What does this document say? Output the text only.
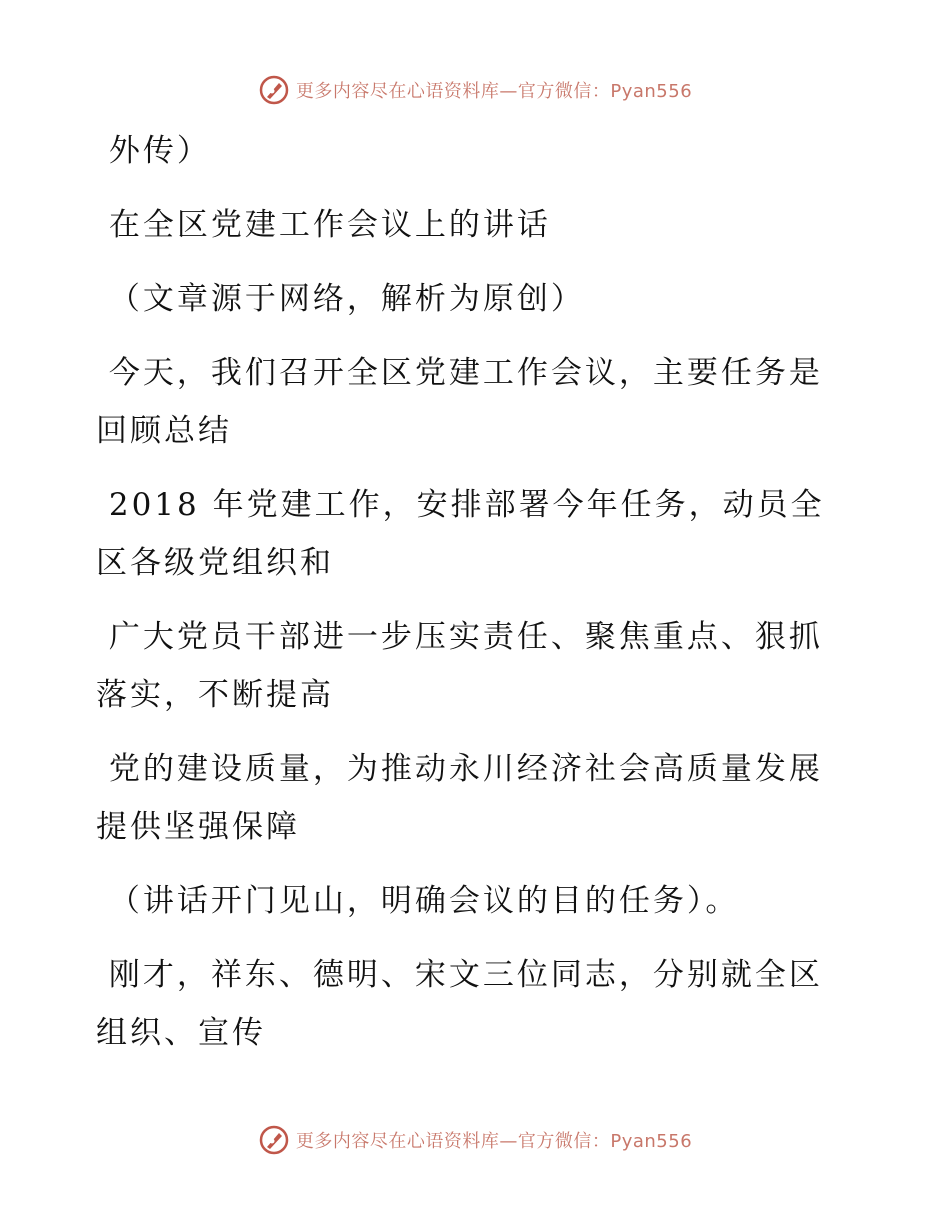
更多内容尽在心语资料库—官方微信：Pyan556

外传）

在全区党建工作会议上的讲话

（文章源于网络，解析为原创）

今天，我们召开全区党建工作会议，主要任务是回顾总结

2018 年党建工作，安排部署今年任务，动员全区各级党组织和

广大党员干部进一步压实责任、聚焦重点、狠抓落实，不断提高

党的建设质量，为推动永川经济社会高质量发展提供坚强保障

（讲话开门见山，明确会议的目的任务）。

刚才，祥东、德明、宋文三位同志，分别就全区组织、宣传

更多内容尽在心语资料库—官方微信：Pyan556
